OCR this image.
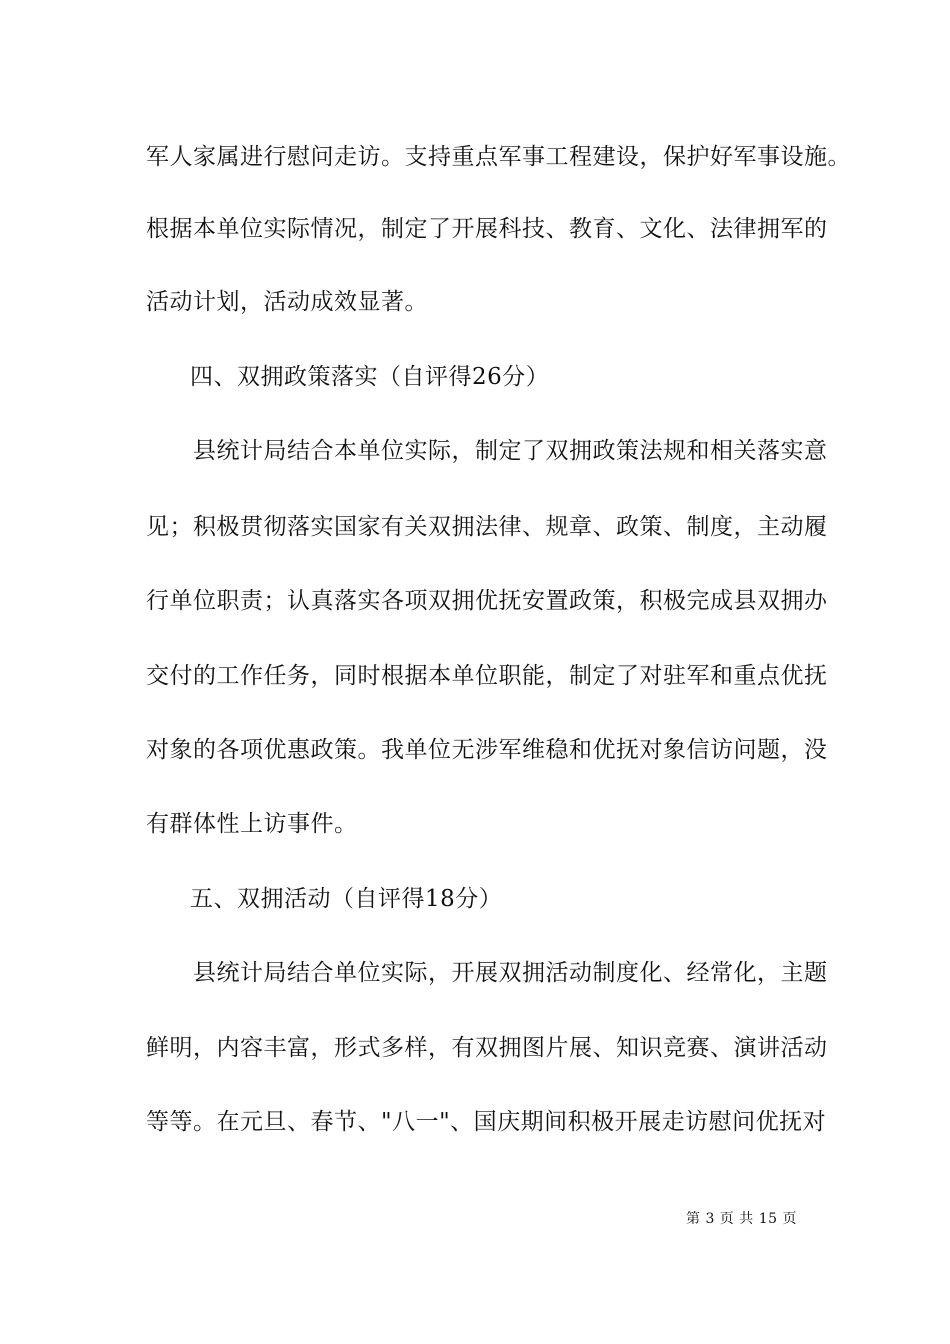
军人家属进行慰问走访。支持重点军事工程建设，保护好军事设施。
根据本单位实际情况，制定了开展科技、教育、文化、法律拥军的
活动计划，活动成效显著。
四、双拥政策落实（自评得26分）
县统计局结合本单位实际，制定了双拥政策法规和相关落实意
见；积极贯彻落实国家有关双拥法律、规章、政策、制度，主动履
行单位职责；认真落实各项双拥优抚安置政策，积极完成县双拥办
交付的工作任务，同时根据本单位职能，制定了对驻军和重点优抚
对象的各项优惠政策。我单位无涉军维稳和优抚对象信访问题，没
有群体性上访事件。
五、双拥活动（自评得18分）
县统计局结合单位实际，开展双拥活动制度化、经常化，主题
鲜明，内容丰富，形式多样，有双拥图片展、知识竞赛、演讲活动
等等。在元旦、春节、"八一"、国庆期间积极开展走访慰问优抚对
第 3 页 共 15 页
